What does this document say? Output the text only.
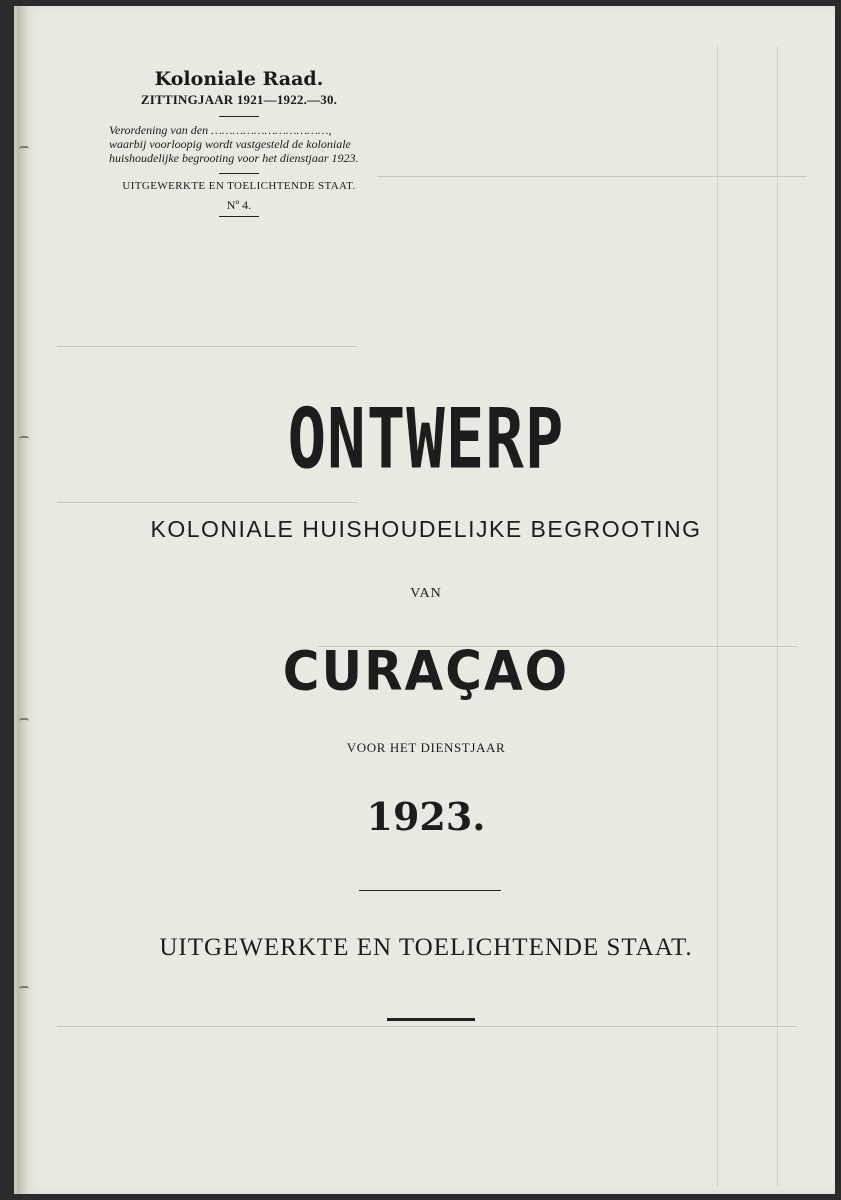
Koloniale Raad.
ZITTINGJAAR 1921—1922.—30.
Verordening van den ……………………………, waarbij voorloopig wordt vastgesteld de koloniale huishoudelijke begrooting voor het dienstjaar 1923.
UITGEWERKTE EN TOELICHTENDE STAAT.
Nº 4.
ONTWERP
KOLONIALE HUISHOUDELIJKE BEGROOTING
VAN
CURAÇAO
VOOR HET DIENSTJAAR
1923.
UITGEWERKTE EN TOELICHTENDE STAAT.
